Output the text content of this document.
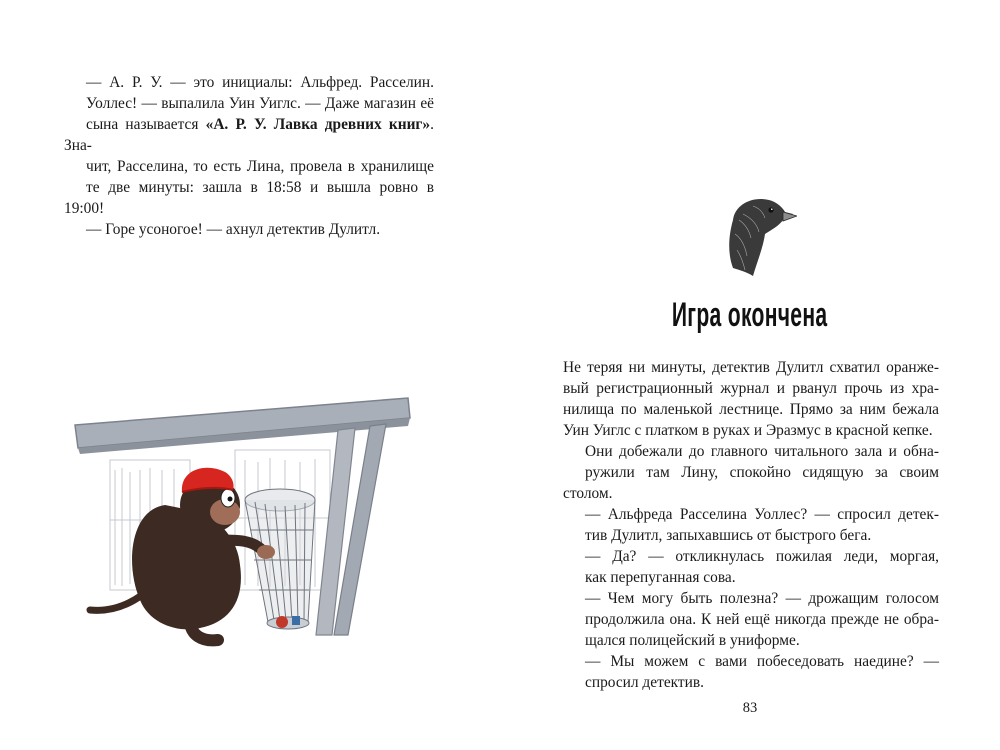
— А. Р. У. — это инициалы: Альфред. Расселин.
Уоллес! — выпалила Уин Уиглс. — Даже магазин её
сына называется «А. Р. У. Лавка древних книг». Зна-
чит, Расселина, то есть Лина, провела в хранилище
те две минуты: зашла в 18:58 и вышла ровно в 19:00!

— Горе усоногое! — ахнул детектив Дулитл.

Игра окончена

Не теряя ни минуты, детектив Дулитл схватил оранже-
вый регистрационный журнал и рванул прочь из хра-
нилища по маленькой лестнице. Прямо за ним бежала
Уин Уиглс с платком в руках и Эразмус в красной кепке.

Они добежали до главного читального зала и обна-
ружили там Лину, спокойно сидящую за своим столом.

— Альфреда Расселина Уоллес? — спросил детек-
тив Дулитл, запыхавшись от быстрого бега.

— Да? — откликнулась пожилая леди, моргая,
как перепуганная сова.

— Чем могу быть полезна? — дрожащим голосом
продолжила она. К ней ещё никогда прежде не обра-
щался полицейский в униформе.

— Мы можем с вами побеседовать наедине? —
спросил детектив.

83
